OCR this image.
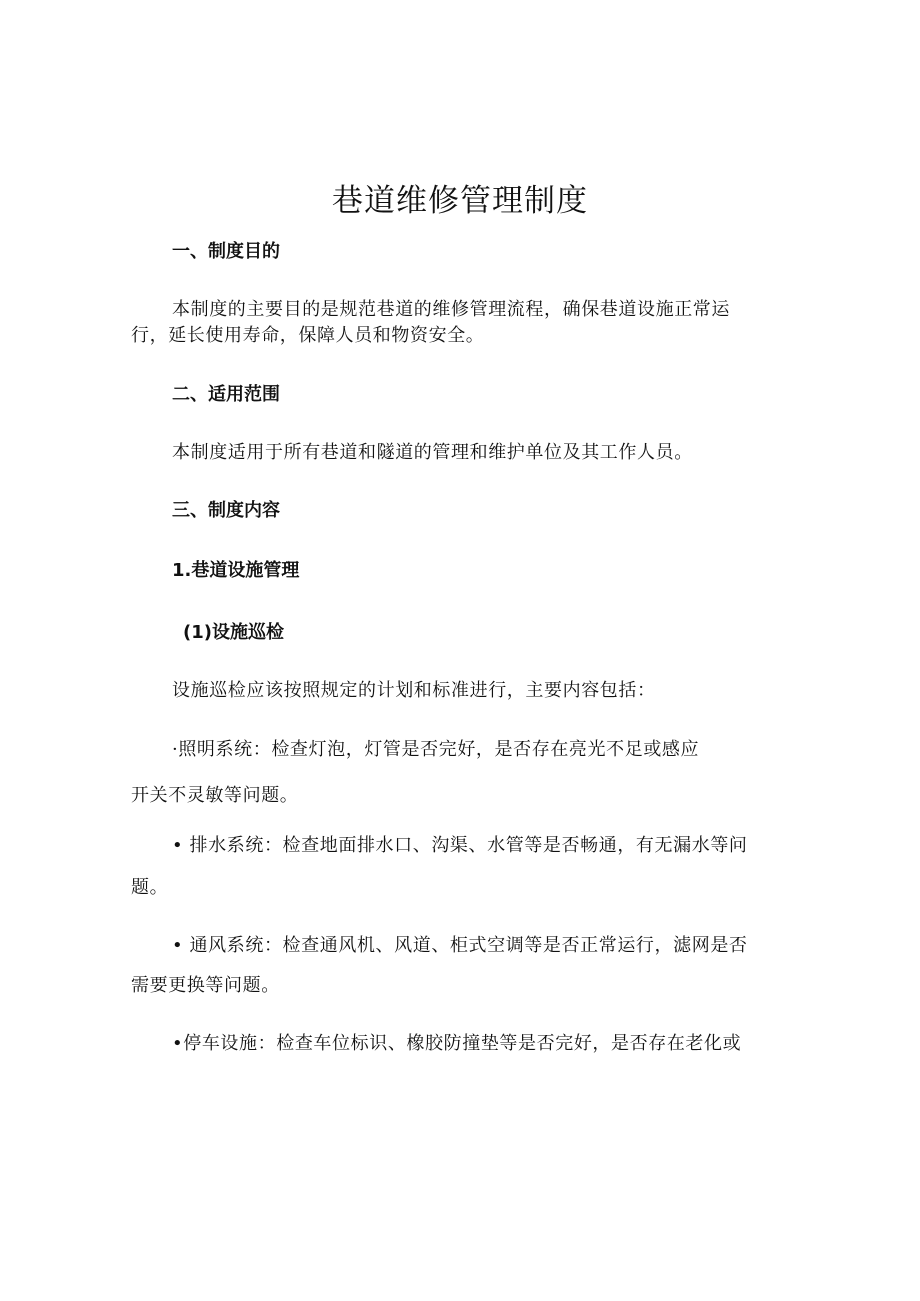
巷道维修管理制度
一、制度目的
本制度的主要目的是规范巷道的维修管理流程，确保巷道设施正常运
行，延长使用寿命，保障人员和物资安全。
二、适用范围
本制度适用于所有巷道和隧道的管理和维护单位及其工作人员。
三、制度内容
1.巷道设施管理
(1)设施巡检
设施巡检应该按照规定的计划和标准进行，主要内容包括：
·照明系统：检查灯泡，灯管是否完好，是否存在亮光不足或感应
开关不灵敏等问题。
• 排水系统：检查地面排水口、沟渠、水管等是否畅通，有无漏水等问
题。
• 通风系统：检查通风机、风道、柜式空调等是否正常运行，滤网是否
需要更换等问题。
•停车设施：检查车位标识、橡胶防撞垫等是否完好，是否存在老化或
